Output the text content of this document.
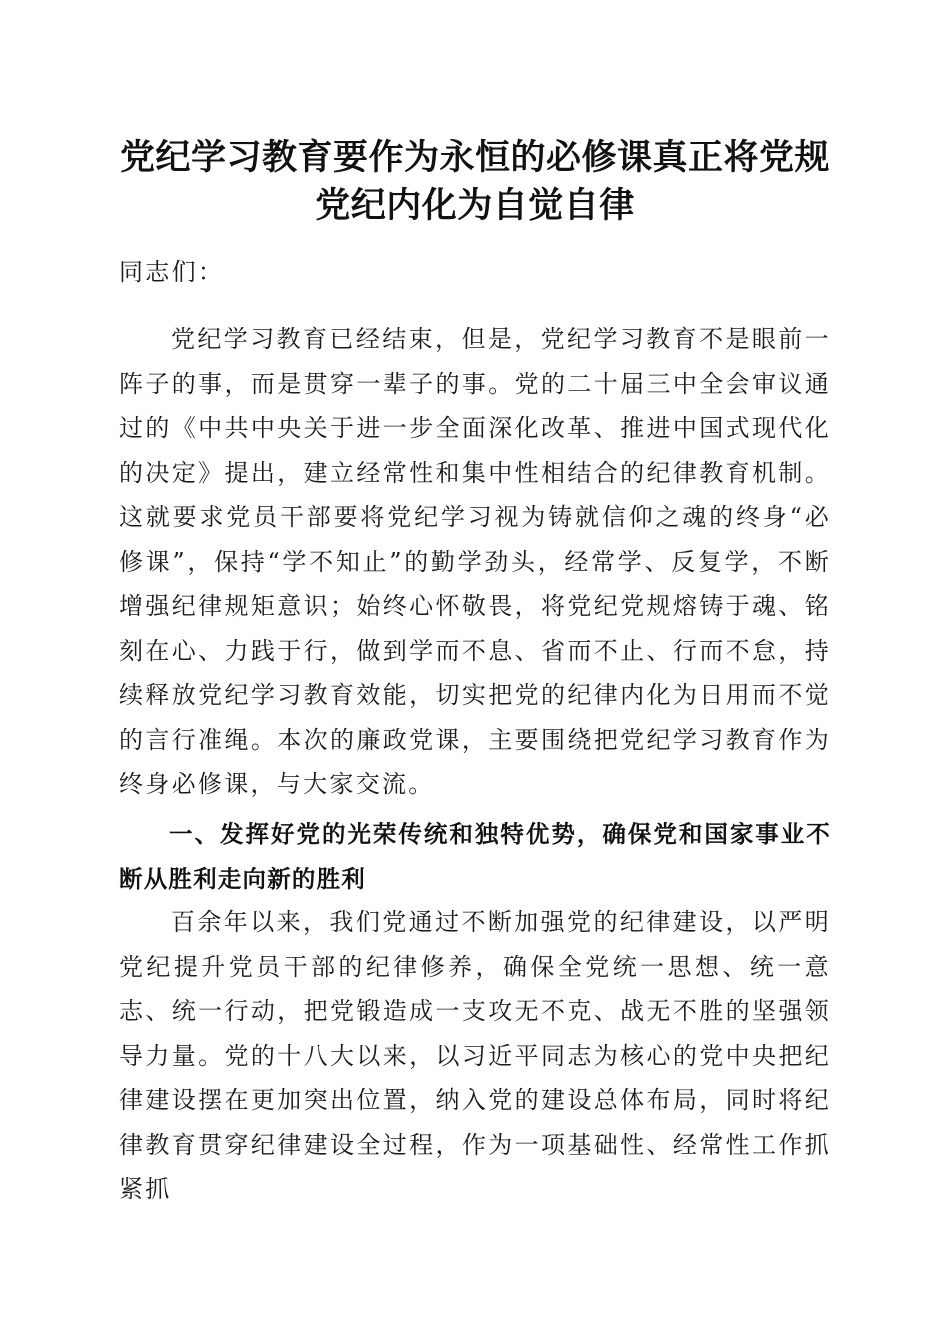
党纪学习教育要作为永恒的必修课真正将党规
党纪内化为自觉自律
同志们：
党纪学习教育已经结束，但是，党纪学习教育不是眼前一阵子的事，而是贯穿一辈子的事。党的二十届三中全会审议通过的《中共中央关于进一步全面深化改革、推进中国式现代化的决定》提出，建立经常性和集中性相结合的纪律教育机制。这就要求党员干部要将党纪学习视为铸就信仰之魂的终身“必修课”，保持“学不知止”的勤学劲头，经常学、反复学，不断增强纪律规矩意识；始终心怀敬畏，将党纪党规熔铸于魂、铭刻在心、力践于行，做到学而不息、省而不止、行而不怠，持续释放党纪学习教育效能，切实把党的纪律内化为日用而不觉的言行准绳。本次的廉政党课，主要围绕把党纪学习教育作为终身必修课，与大家交流。
一、发挥好党的光荣传统和独特优势，确保党和国家事业不断从胜利走向新的胜利
百余年以来，我们党通过不断加强党的纪律建设，以严明党纪提升党员干部的纪律修养，确保全党统一思想、统一意志、统一行动，把党锻造成一支攻无不克、战无不胜的坚强领导力量。党的十八大以来，以习近平同志为核心的党中央把纪律建设摆在更加突出位置，纳入党的建设总体布局，同时将纪律教育贯穿纪律建设全过程，作为一项基础性、经常性工作抓紧抓
